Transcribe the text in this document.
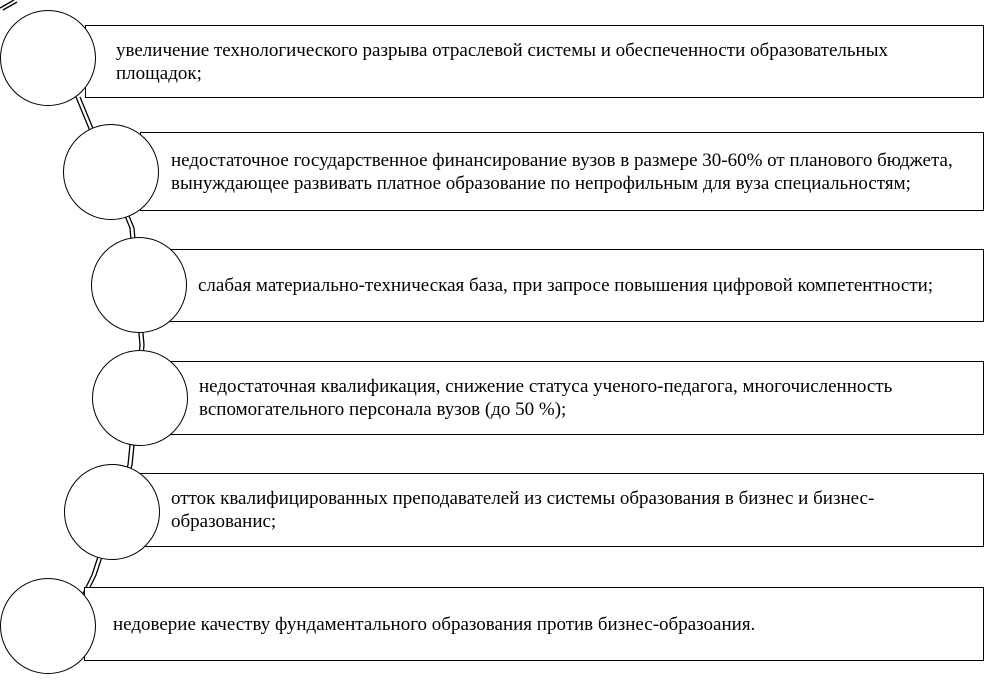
увеличение технологического разрыва отраслевой системы и обеспеченности образовательных площадок;
недостаточное государственное финансирование вузов в размере 30-60% от планового бюджета, вынуждающее развивать платное образование по непрофильным для вуза специальностям;
слабая материально-техническая база, при запросе повышения цифровой компетентности;
недостаточная квалификация, снижение статуса ученого-педагога, многочисленность вспомогательного персонала вузов (до 50 %);
отток квалифицированных преподавателей из системы образования в бизнес и бизнес-образованис;
недоверие качеству фундаментального образования против бизнес-образоания.
